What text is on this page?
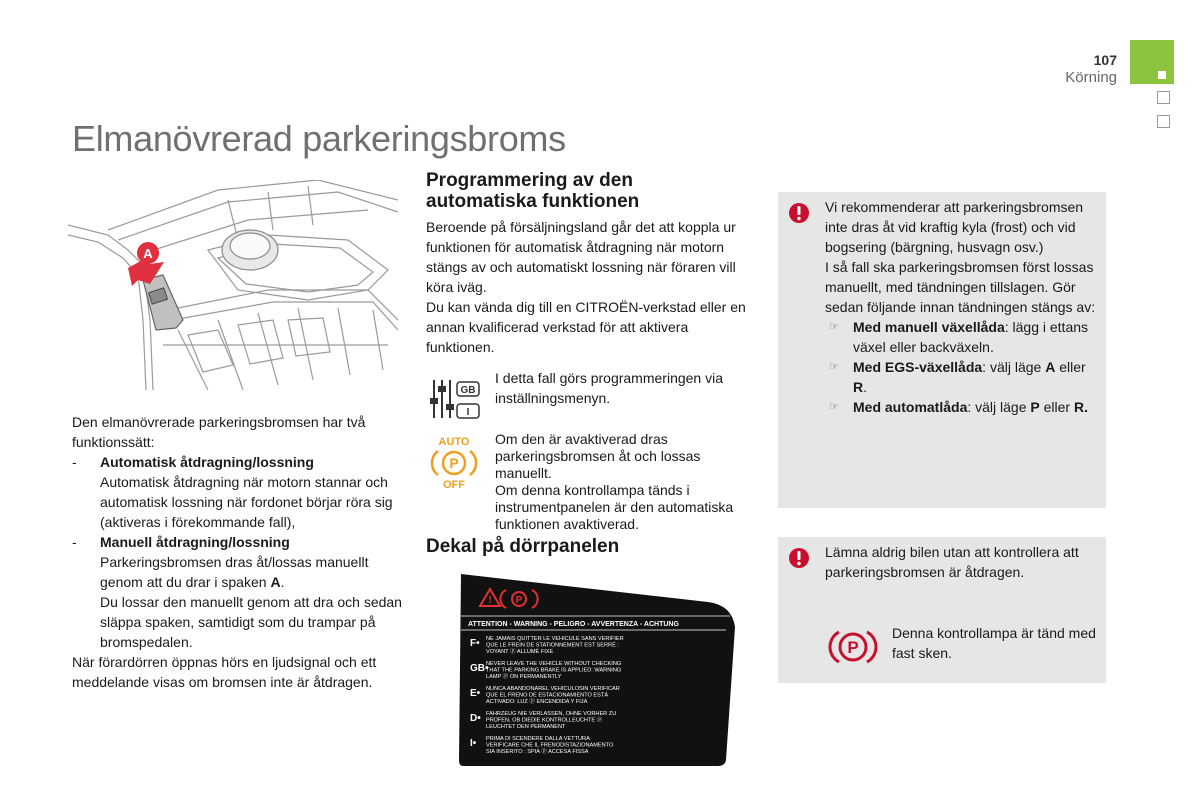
107
Körning
Elmanövrerad parkeringsbroms
A

Den elmanövrerade parkeringsbromsen har två funktionssätt:

-	Automatisk åtdragning/lossning

Automatisk åtdragning när motorn stannar och automatisk lossning när fordonet börjar röra sig (aktiveras i förekommande fall),

-	Manuell åtdragning/lossning

Parkeringsbromsen dras åt/lossas manuellt genom att du drar i spaken A.

Du lossar den manuellt genom att dra och sedan släppa spaken, samtidigt som du trampar på bromspedalen.

När förardörren öppnas hörs en ljudsignal och ett meddelande visas om bromsen inte är åtdragen.

Programmering av den
automatiska funktionen

Beroende på försäljningsland går det att koppla ur funktionen för automatisk åtdragning när motorn stängs av och automatiskt lossning när föraren vill köra iväg.

Du kan vända dig till en CITROËN-verkstad eller en annan kvalificerad verkstad för att aktivera funktionen.

GB
I
I detta fall görs programmeringen via inställningsmenyn.
AUTO
P
OFF

Om den är avaktiverad dras parkeringsbromsen åt och lossas manuellt.

Om denna kontrollampa tänds i instrumentpanelen är den automatiska funktionen avaktiverad.

Dekal på dörrpanelen
! P
ATTENTION - WARNING - PELIGRO - AVVERTENZA - ACHTUNG
F• NE JAMAIS QUITTER LE VEHICULE SANS VERIFIER QUE LE FREIN DE STATIONNEMENT EST SERRÉ : VOYANT ⓟ ALLUMÉ FIXE
GB•
NEVER LEAVE THE VEHICLE WITHOUT CHECKING THAT THE PARKING BRAKE IS APPLIED: WARNING LAMP ⓟ ON PERMANENTLY
E• NUNCA ABANDONAREL VEHICULOSIN VERIFICAR QUE EL FRENO DE ESTACIONAMIENTO ESTÁ ACTIVADO: LUZ ⓟ ENCENDIDA Y FIJA
D• FAHRZEUG NIE VERLASSEN, OHNE VORHER ZU PRÜFEN, OB DIEDIE KONTROLLEUCHTE ⓟ LEUCHTET DEN PERMANENT
I• PRIMA DI SCENDERE DALLA VETTURA VERIFICARE CHE IL FRENODISTAZIONAMENTO SIA INSERITO : SPIA ⓟ ACCESA FISSA

Vi rekommenderar att parkeringsbromsen inte dras åt vid kraftig kyla (frost) och vid bogsering (bärgning, husvagn osv.)

I så fall ska parkeringsbromsen först lossas manuellt, med tändningen tillslagen. Gör sedan följande innan tändningen stängs av:

☞	Med manuell växellåda: lägg i ettans växel eller backväxeln.
☞	Med EGS-växellåda: välj läge A eller R.
☞	Med automatlåda: välj läge P eller R.
Lämna aldrig bilen utan att kontrollera att parkeringsbromsen är åtdragen.
P
Denna kontrollampa är tänd med fast sken.
